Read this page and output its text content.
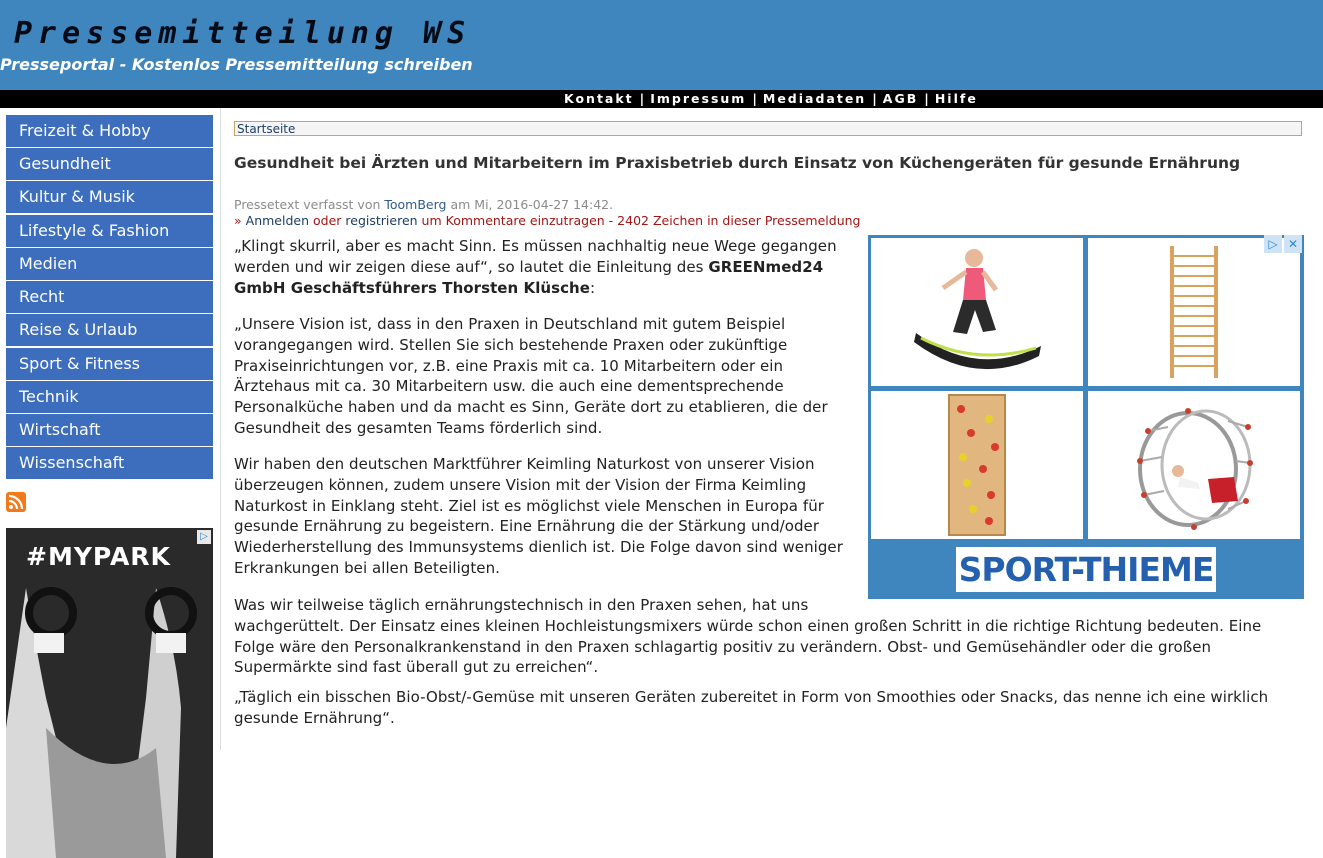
Pressemitteilung WS
Presseportal - Kostenlos Pressemitteilung schreiben
Kontakt | Impressum | Mediadaten | AGB | Hilfe
Freizeit & Hobby
Gesundheit
Kultur & Musik
Lifestyle & Fashion
Medien
Recht
Reise & Urlaub
Sport & Fitness
Technik
Wirtschaft
Wissenschaft
#MYPARK
▷
Startseite
Gesundheit bei Ärzten und Mitarbeitern im Praxisbetrieb durch Einsatz von Küchengeräten für gesunde Ernährung
Pressetext verfasst von ToomBerg am Mi, 2016-04-27 14:42.
» Anmelden oder registrieren um Kommentare einzutragen - 2402 Zeichen in dieser Pressemeldung

„Klingt skurril, aber es macht Sinn. Es müssen nachhaltig neue Wege gegangen werden und wir zeigen diese auf“, so lautet die Einleitung des GREENmed24 GmbH Geschäftsführers Thorsten Klüsche:

„Unsere Vision ist, dass in den Praxen in Deutschland mit gutem Beispiel vorangegangen wird. Stellen Sie sich bestehende Praxen oder zukünftige Praxiseinrichtungen vor, z.B. eine Praxis mit ca. 10 Mitarbeitern oder ein Ärztehaus mit ca. 30 Mitarbeitern usw. die auch eine dementsprechende Personalküche haben und da macht es Sinn, Geräte dort zu etablieren, die der Gesundheit des gesamten Teams förderlich sind.

Wir haben den deutschen Marktführer Keimling Naturkost von unserer Vision überzeugen können, zudem unsere Vision mit der Vision der Firma Keimling Naturkost in Einklang steht. Ziel ist es möglichst viele Menschen in Europa für gesunde Ernährung zu begeistern. Eine Ernährung die der Stärkung und/oder Wiederherstellung des Immunsystems dienlich ist. Die Folge davon sind weniger Erkrankungen bei allen Beteiligten.

„Täglich ein bisschen Bio-Obst/-Gemüse mit unseren Geräten zubereitet in Form von Smoothies oder Snacks, das nenne ich eine wirklich gesunde Ernährung“.

Was wir teilweise täglich ernährungstechnisch in den Praxen sehen, hat uns wachgerüttelt. Der Einsatz eines kleinen Hochleistungsmixers würde schon einen großen Schritt in die richtige Richtung bedeuten. Eine Folge wäre den Personalkrankenstand in den Praxen schlagartig positiv zu verändern. Obst- und Gemüsehändler oder die großen Supermärkte sind fast überall gut zu erreichen“.

SPORT-THIEME
▷ ✕
